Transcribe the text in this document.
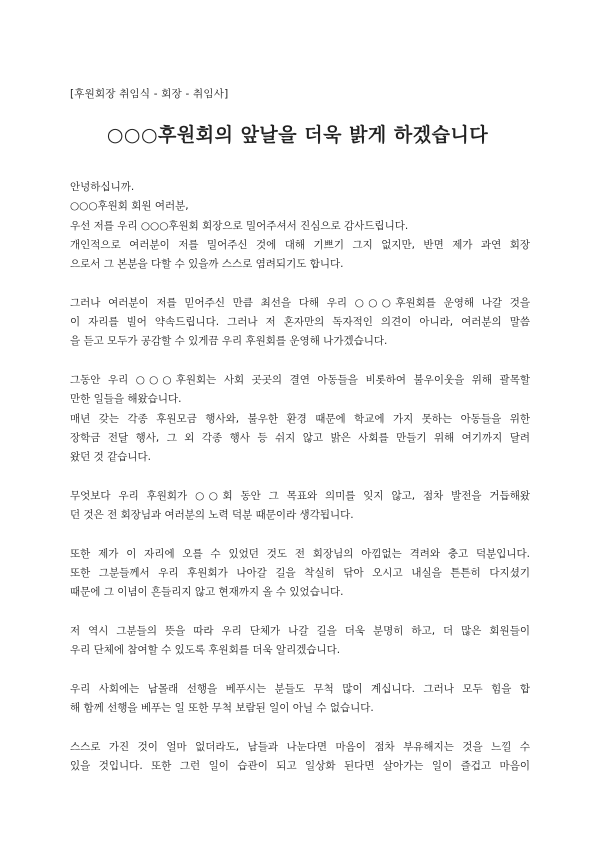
[후원회장 취임식 - 회장 - 취임사]
○○○후원회의 앞날을 더욱 밝게 하겠습니다
안녕하십니까.
○○○후원회 회원 여러분,
우선 저를 우리 ○○○후원회 회장으로 밀어주셔서 진심으로 감사드립니다.
개인적으로 여러분이 저를 밀어주신 것에 대해 기쁘기 그지 없지만, 반면 제가 과연 회장
으로서 그 본분을 다할 수 있을까 스스로 염려되기도 합니다.
그러나 여러분이 저를 믿어주신 만큼 최선을 다해 우리 ○○○후원회를 운영해 나갈 것을
이 자리를 빌어 약속드립니다. 그러나 저 혼자만의 독자적인 의견이 아니라, 여러분의 말씀
을 듣고 모두가 공감할 수 있게끔 우리 후원회를 운영해 나가겠습니다.
그동안 우리 ○○○후원회는 사회 곳곳의 결연 아동들을 비롯하여 불우이웃을 위해 괄목할
만한 일들을 해왔습니다.
매년 갖는 각종 후원모금 행사와, 불우한 환경 때문에 학교에 가지 못하는 아동들을 위한
장학금 전달 행사, 그 외 각종 행사 등 쉬지 않고 밝은 사회를 만들기 위해 여기까지 달려
왔던 것 같습니다.
무엇보다 우리 후원회가 ○○회 동안 그 목표와 의미를 잊지 않고, 점차 발전을 거듭해왔
던 것은 전 회장님과 여러분의 노력 덕분 때문이라 생각됩니다.
또한 제가 이 자리에 오를 수 있었던 것도 전 회장님의 아낌없는 격려와 충고 덕분입니다.
또한 그분들께서 우리 후원회가 나아갈 길을 착실히 닦아 오시고 내실을 튼튼히 다지셨기
때문에 그 이념이 흔들리지 않고 현재까지 올 수 있었습니다.
저 역시 그분들의 뜻을 따라 우리 단체가 나갈 길을 더욱 분명히 하고, 더 많은 회원들이
우리 단체에 참여할 수 있도록 후원회를 더욱 알리겠습니다.
우리 사회에는 남몰래 선행을 베푸시는 분들도 무척 많이 계십니다. 그러나 모두 힘을 합
해 함께 선행을 베푸는 일 또한 무척 보람된 일이 아닐 수 없습니다.
스스로 가진 것이 얼마 없더라도, 남들과 나눈다면 마음이 점차 부유해지는 것을 느낄 수
있을 것입니다. 또한 그런 일이 습관이 되고 일상화 된다면 살아가는 일이 즐겁고 마음이
